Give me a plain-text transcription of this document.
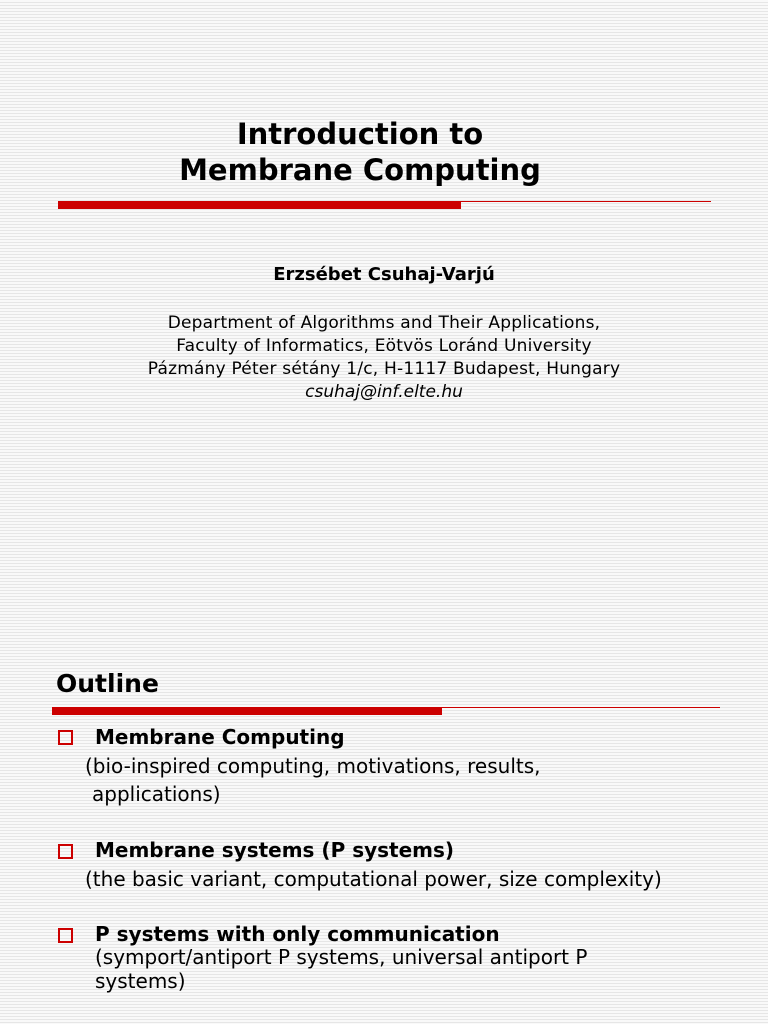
Introduction to
Membrane Computing
Erzsébet Csuhaj-Varjú
Department of Algorithms and Their Applications,
Faculty of Informatics, Eötvös Loránd University
Pázmány Péter sétány 1/c, H-1117 Budapest, Hungary
csuhaj@inf.elte.hu
Outline
Membrane Computing
(bio-inspired computing, motivations, results,
applications)
Membrane systems (P systems)
(the basic variant, computational power, size complexity)
P systems with only communication
(symport/antiport P systems, universal antiport P
systems)
